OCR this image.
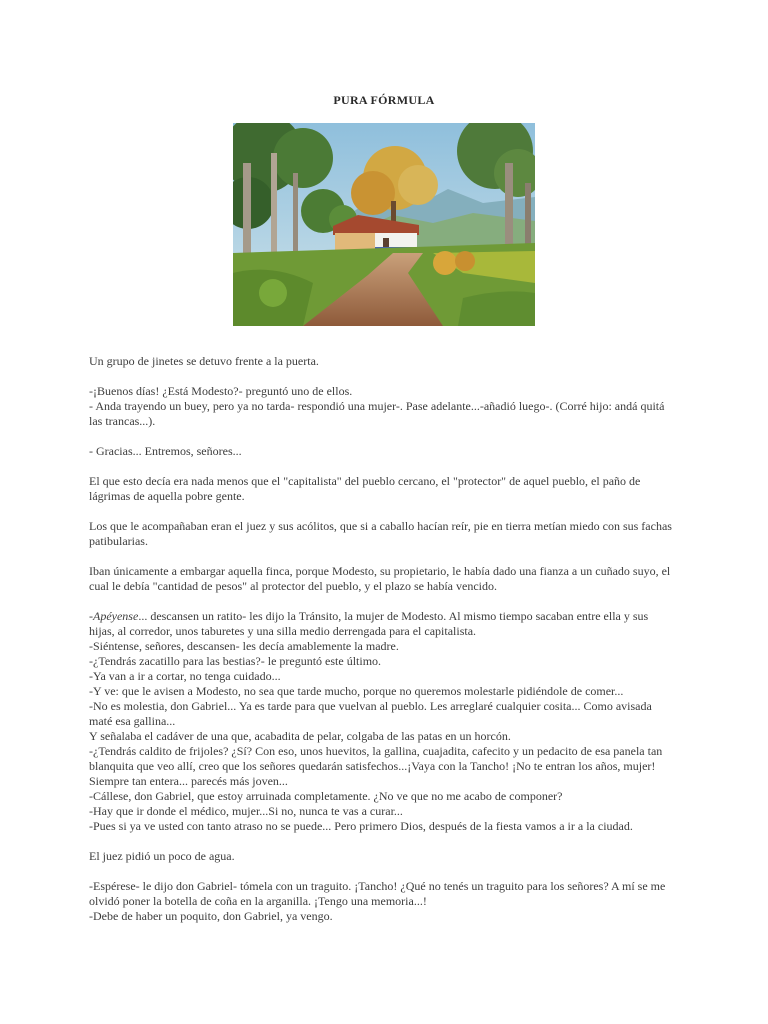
PURA FÓRMULA

Un grupo de jinetes se detuvo frente a la puerta.

-¡Buenos días! ¿Está Modesto?- preguntó uno de ellos.
- Anda trayendo un buey, pero ya no tarda- respondió una mujer-. Pase adelante...-añadió luego-. (Corré hijo: andá quitá las trancas...).

- Gracias... Entremos, señores...

El que esto decía era nada menos que el "capitalista" del pueblo cercano, el "protector" de aquel pueblo, el paño de lágrimas de aquella pobre gente.

Los que le acompañaban eran el juez y sus acólitos, que si a caballo hacían reír, pie en tierra metían miedo con sus fachas patibularias.

Iban únicamente a embargar aquella finca, porque Modesto, su propietario, le había dado una fianza a un cuñado suyo, el cual le debía "cantidad de pesos" al protector del pueblo, y el plazo se había vencido.

-Apéyense... descansen un ratito- les dijo la Tránsito, la mujer de Modesto. Al mismo tiempo sacaban entre ella y sus hijas, al corredor, unos taburetes y una silla medio derrengada para el capitalista.
-Siéntense, señores, descansen- les decía amablemente la madre.
-¿Tendrás zacatillo para las bestias?- le preguntó este último.
-Ya van a ir a cortar, no tenga cuidado...
-Y ve: que le avisen a Modesto, no sea que tarde mucho, porque no queremos molestarle pidiéndole de comer...
-No es molestia, don Gabriel... Ya es tarde para que vuelvan al pueblo. Les arreglaré cualquier cosita... Como avisada maté esa gallina...
Y señalaba el cadáver de una que, acabadita de pelar, colgaba de las patas en un horcón.
-¿Tendrás caldito de frijoles? ¿Sí? Con eso, unos huevitos, la gallina, cuajadita, cafecito y un pedacito de esa panela tan blanquita que veo allí, creo que los señores quedarán satisfechos...¡Vaya con la Tancho! ¡No te entran los años, mujer! Siempre tan entera... parecés más joven...
-Cállese, don Gabriel, que estoy arruinada completamente. ¿No ve que no me acabo de componer?
-Hay que ir donde el médico, mujer...Si no, nunca te vas a curar...
-Pues si ya ve usted con tanto atraso no se puede... Pero primero Dios, después de la fiesta vamos a ir a la ciudad.

El juez pidió un poco de agua.

-Espérese- le dijo don Gabriel- tómela con un traguito. ¡Tancho! ¿Qué no tenés un traguito para los señores? A mí se me olvidó poner la botella de coña en la arganilla. ¡Tengo una memoria...!
-Debe de haber un poquito, don Gabriel, ya vengo.
